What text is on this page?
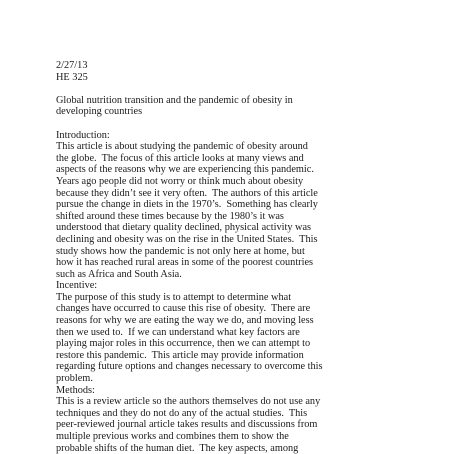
2/27/13
HE 325
Global nutrition transition and the pandemic of obesity in
developing countries
Introduction:
This article is about studying the pandemic of obesity around
the globe.  The focus of this article looks at many views and
aspects of the reasons why we are experiencing this pandemic.
Years ago people did not worry or think much about obesity
because they didn’t see it very often.  The authors of this article
pursue the change in diets in the 1970’s.  Something has clearly
shifted around these times because by the 1980’s it was
understood that dietary quality declined, physical activity was
declining and obesity was on the rise in the United States.  This
study shows how the pandemic is not only here at home, but
how it has reached rural areas in some of the poorest countries
such as Africa and South Asia.
Incentive:
The purpose of this study is to attempt to determine what
changes have occurred to cause this rise of obesity.  There are
reasons for why we are eating the way we do, and moving less
then we used to.  If we can understand what key factors are
playing major roles in this occurrence, then we can attempt to
restore this pandemic.  This article may provide information
regarding future options and changes necessary to overcome this
problem.
Methods:
This is a review article so the authors themselves do not use any
techniques and they do not do any of the actual studies.  This
peer-reviewed journal article takes results and discussions from
multiple previous works and combines them to show the
probable shifts of the human diet.  The key aspects, among
